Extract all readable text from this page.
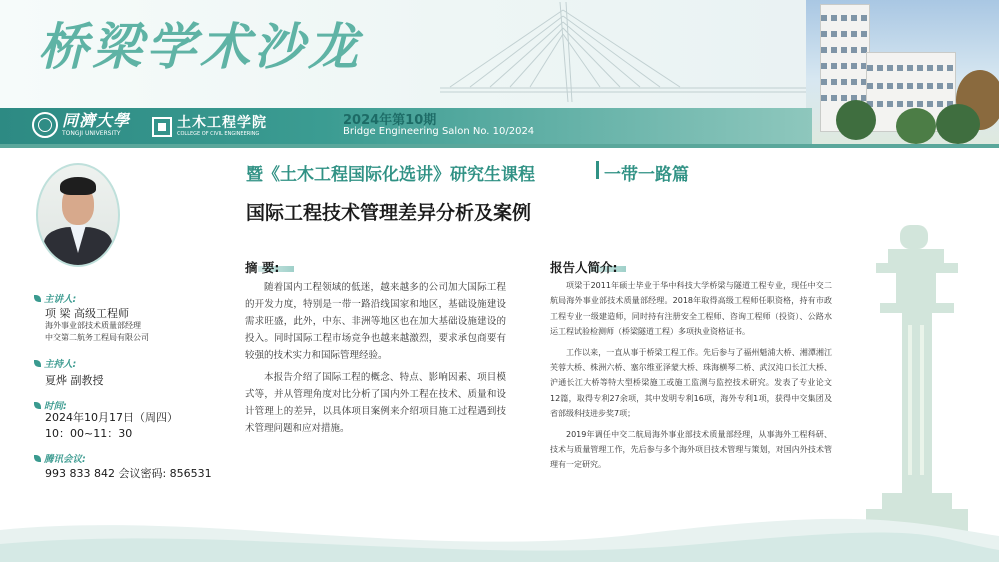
桥梁学术沙龙
同濟大學
TONGJI UNIVERSITY
土木工程学院
COLLEGE OF CIVIL ENGINEERING
2024年第10期
Bridge Engineering Salon No. 10/2024
暨《土木工程国际化选讲》研究生课程	一带一路篇
国际工程技术管理差异分析及案例
主讲人:
项 梁 高级工程师
海外事业部技术质量部经理
中交第二航务工程局有限公司
主持人:
夏烨 副教授
时间:
2024年10月17日（周四）
10：00~11：30
腾讯会议:
993 833 842 会议密码: 856531
摘 要:

随着国内工程领域的低迷，越来越多的公司加大国际工程的开发力度，特别是一带一路沿线国家和地区，基础设施建设需求旺盛，此外，中东、非洲等地区也在加大基础设施建设的投入。同时国际工程市场竞争也越来越激烈，要求承包商要有较强的技术实力和国际管理经验。

本报告介绍了国际工程的概念、特点、影响因素、项目模式等，并从管理角度对比分析了国内外工程在技术、质量和设计管理上的差异，以具体项目案例来介绍项目施工过程遇到技术管理问题和应对措施。

报告人简介:

项梁于2011年硕士毕业于华中科技大学桥梁与隧道工程专业，现任中交二航局海外事业部技术质量部经理。2018年取得高级工程师任职资格，持有市政工程专业一级建造师，同时持有注册安全工程师、咨询工程师（投资）、公路水运工程试验检测师（桥梁隧道工程）多项执业资格证书。

工作以来，一直从事于桥梁工程工作。先后参与了福州魁浦大桥、湘潭湘江芙蓉大桥、株洲六桥、塞尔维亚泽蒙大桥、珠海横琴二桥、武汉沌口长江大桥、沪通长江大桥等特大型桥梁施工或施工监测与监控技术研究。发表了专业论文12篇，取得专利27余项，其中发明专利16项，海外专利1项，获得中交集团及省部级科技进步奖7项；

2019年调任中交二航局海外事业部技术质量部经理，从事海外工程科研、技术与质量管理工作，先后参与多个海外项目技术管理与策划，对国内外技术管理有一定研究。
